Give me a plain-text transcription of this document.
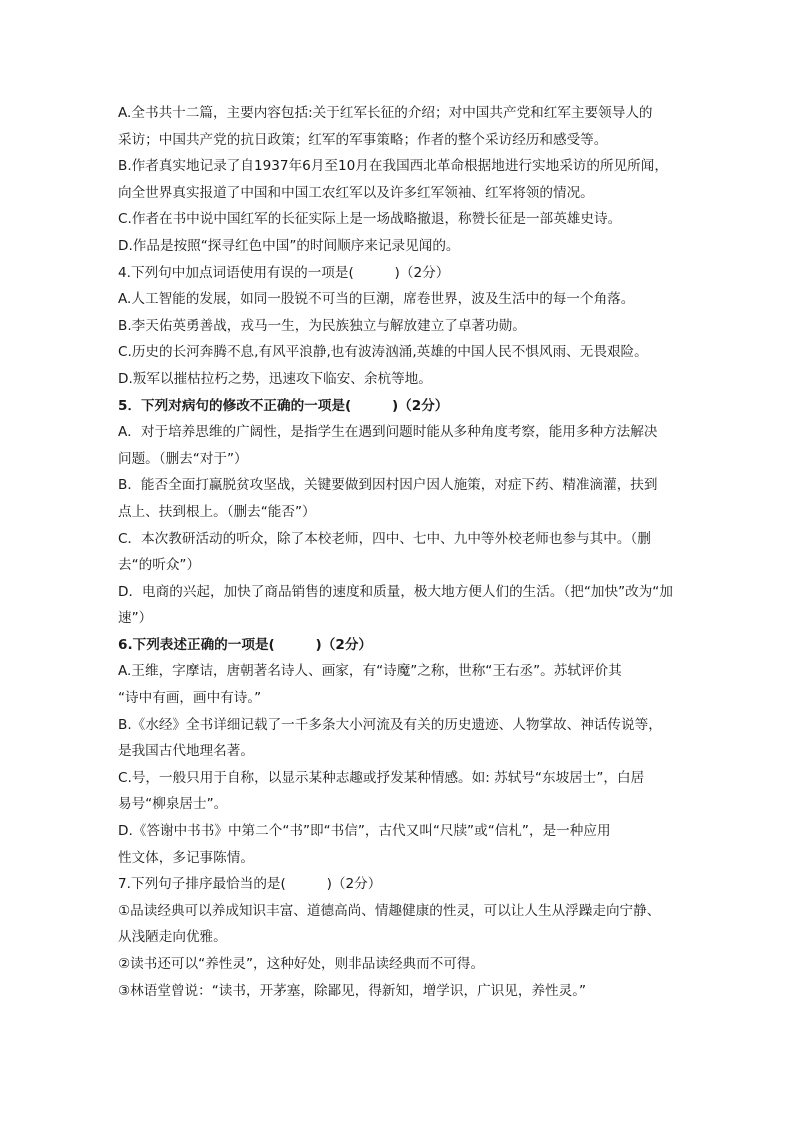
A.全书共十二篇，主要内容包括:关于红军长征的介绍；对中国共产党和红军主要领导人的
采访；中国共产党的抗日政策；红军的军事策略；作者的整个采访经历和感受等。
B.作者真实地记录了自1937年6月至10月在我国西北革命根据地进行实地采访的所见所闻，
向全世界真实报道了中国和中国工农红军以及许多红军领袖、红军将领的情况。
C.作者在书中说中国红军的长征实际上是一场战略撤退，称赞长征是一部英雄史诗。
D.作品是按照“探寻红色中国”的时间顺序来记录见闻的。
4.下列句中加点词语使用有误的一项是(　　　)（2分）
A.人工智能的发展，如同一股锐不可当的巨潮，席卷世界，波及生活中的每一个角落。
B.李天佑英勇善战，戎马一生，为民族独立与解放建立了卓著功勋。
C.历史的长河奔腾不息,有风平浪静,也有波涛汹涌,英雄的中国人民不惧风雨、无畏艰险。
D.叛军以摧枯拉朽之势，迅速攻下临安、余杭等地。
5．下列对病句的修改不正确的一项是(　　　)（2分）
A．对于培养思维的广阔性，是指学生在遇到问题时能从多种角度考察，能用多种方法解决
问题。（删去“对于”）
B．能否全面打赢脱贫攻坚战，关键要做到因村因户因人施策，对症下药、精准滴灌，扶到
点上、扶到根上。（删去“能否”）
C．本次教研活动的听众，除了本校老师，四中、七中、九中等外校老师也参与其中。（删
去“的听众”）
D．电商的兴起，加快了商品销售的速度和质量，极大地方便人们的生活。（把“加快”改为“加
速”）
6.下列表述正确的一项是(　　　)（2分）
A.王维，字摩诘，唐朝著名诗人、画家，有“诗魔”之称，世称“王右丞”。苏轼评价其
“诗中有画，画中有诗。”
B.《水经》全书详细记载了一千多条大小河流及有关的历史遗迹、人物掌故、神话传说等，
是我国古代地理名著。
C.号，一般只用于自称，以显示某种志趣或抒发某种情感。如: 苏轼号“东坡居士”，白居
易号“柳泉居士”。
D.《答谢中书书》中第二个“书”即“书信”，古代又叫“尺牍”或“信札”，是一种应用
性文体，多记事陈情。
7.下列句子排序最恰当的是(　　　)（2分）
①品读经典可以养成知识丰富、道德高尚、情趣健康的性灵，可以让人生从浮躁走向宁静、
从浅陋走向优雅。
②读书还可以“养性灵”，这种好处，则非品读经典而不可得。
③林语堂曾说：“读书，开茅塞，除鄙见，得新知，增学识，广识见，养性灵。”
